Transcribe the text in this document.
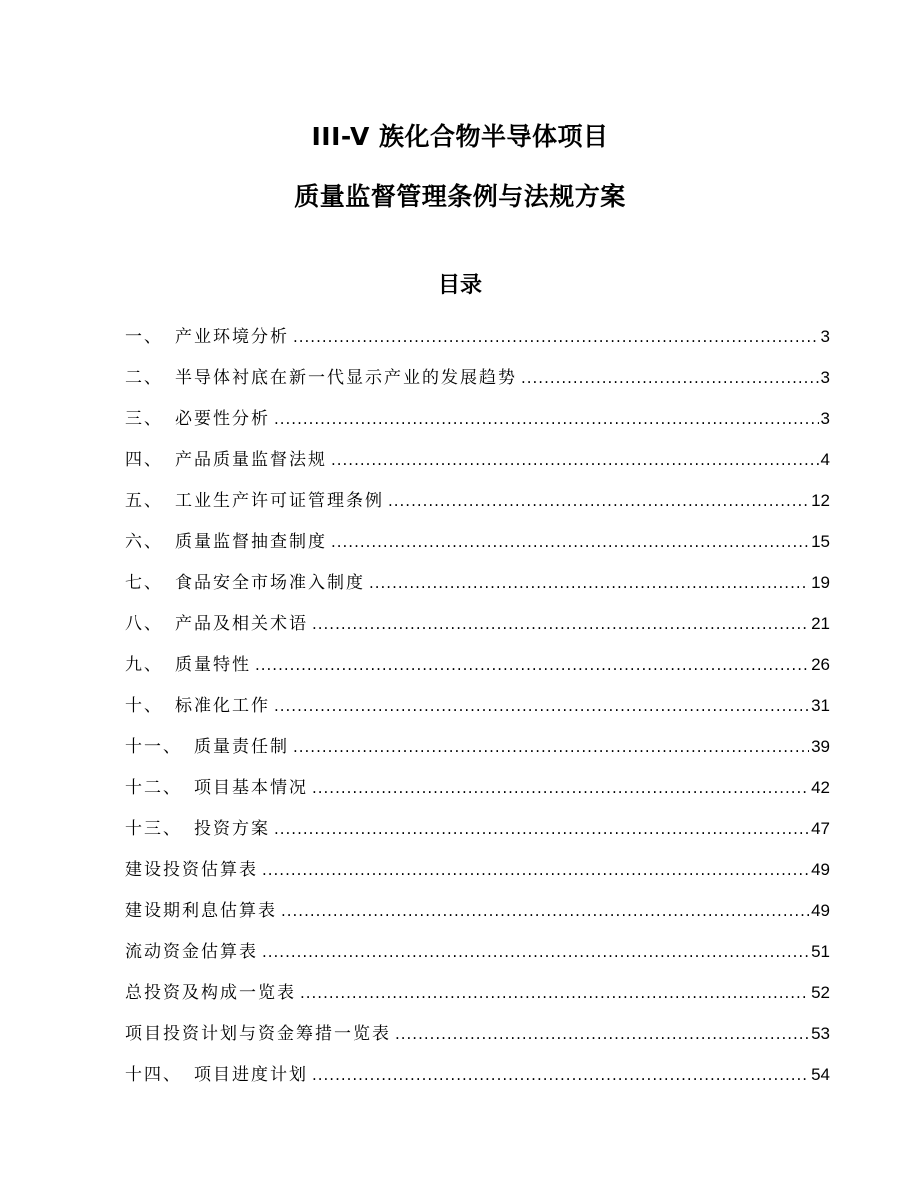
III-V 族化合物半导体项目
质量监督管理条例与法规方案
目录
一、 产业环境分析 .....	3
二、 半导体衬底在新一代显示产业的发展趋势 .....	3
三、 必要性分析 .....	3
四、 产品质量监督法规 .....	4
五、 工业生产许可证管理条例 .....	12
六、 质量监督抽查制度 .....	15
七、 食品安全市场准入制度 .....	19
八、 产品及相关术语 .....	21
九、 质量特性 .....	26
十、 标准化工作 .....	31
十一、 质量责任制 .....	39
十二、 项目基本情况 .....	42
十三、 投资方案 .....	47
建设投资估算表 .....	49
建设期利息估算表 .....	49
流动资金估算表 .....	51
总投资及构成一览表 .....	52
项目投资计划与资金筹措一览表 .....	53
十四、 项目进度计划 .....	54
